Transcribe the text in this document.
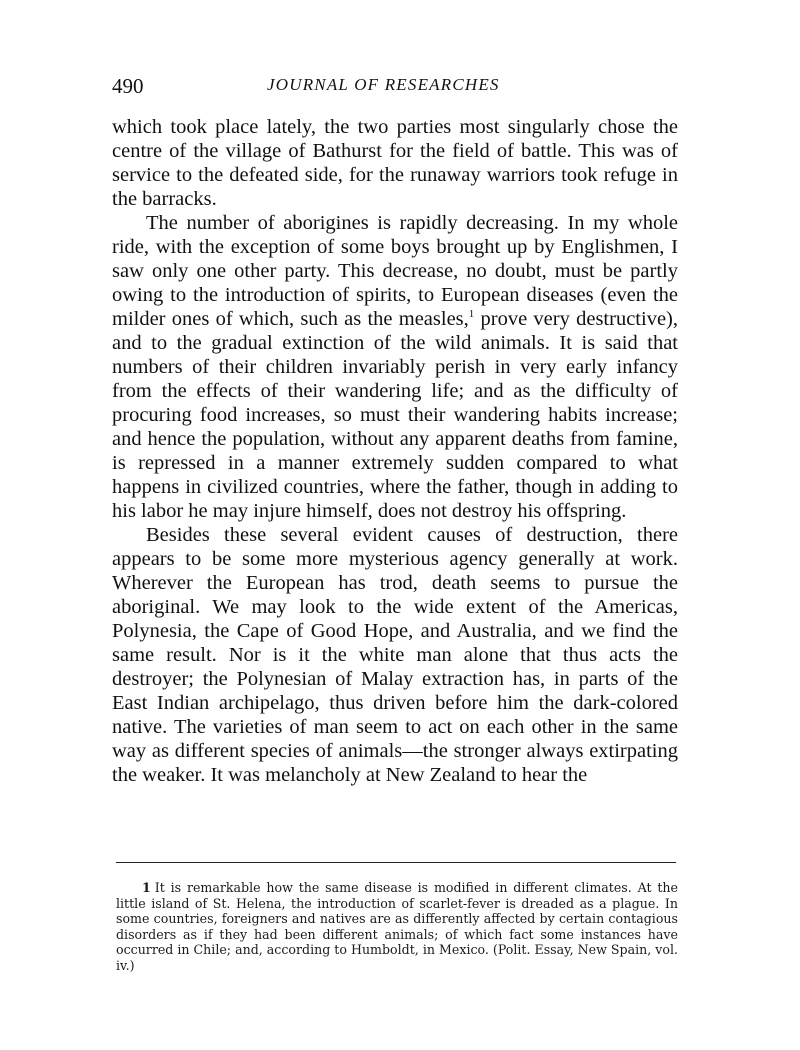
490	JOURNAL OF RESEARCHES

which took place lately, the two parties most singularly chose the centre of the village of Bathurst for the field of battle. This was of service to the defeated side, for the runaway warriors took refuge in the barracks.

The number of aborigines is rapidly decreasing. In my whole ride, with the exception of some boys brought up by Englishmen, I saw only one other party. This decrease, no doubt, must be partly owing to the introduction of spirits, to European diseases (even the milder ones of which, such as the measles,$^1$ prove very destructive), and to the gradual extinction of the wild animals. It is said that numbers of their children invariably perish in very early infancy from the effects of their wandering life; and as the difficulty of procuring food increases, so must their wandering habits increase; and hence the population, without any apparent deaths from famine, is repressed in a manner extremely sudden compared to what happens in civilized countries, where the father, though in adding to his labor he may injure himself, does not destroy his offspring.

Besides these several evident causes of destruction, there appears to be some more mysterious agency generally at work. Wherever the European has trod, death seems to pursue the aboriginal. We may look to the wide extent of the Americas, Polynesia, the Cape of Good Hope, and Australia, and we find the same result. Nor is it the white man alone that thus acts the destroyer; the Polynesian of Malay extraction has, in parts of the East Indian archipelago, thus driven before him the dark-colored native. The varieties of man seem to act on each other in the same way as different species of animals—the stronger always extirpating the weaker. It was melancholy at New Zealand to hear the

1 It is remarkable how the same disease is modified in different climates. At the little island of St. Helena, the introduction of scarlet-fever is dreaded as a plague. In some countries, foreigners and natives are as differently affected by certain contagious disorders as if they had been different animals; of which fact some instances have occurred in Chile; and, according to Humboldt, in Mexico. (Polit. Essay, New Spain, vol. iv.)
